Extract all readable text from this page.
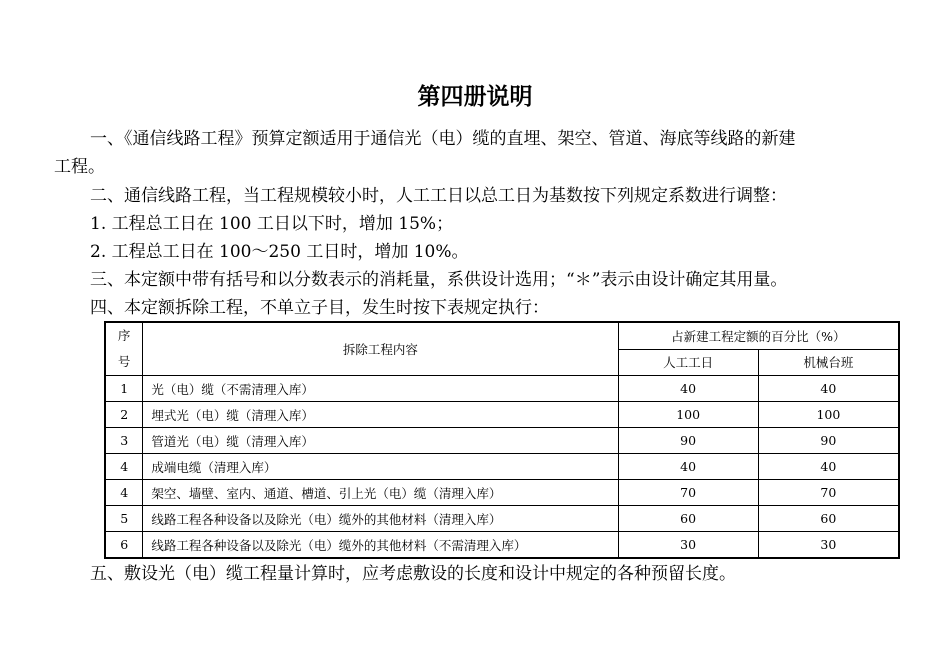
第四册说明
一、《通信线路工程》预算定额适用于通信光（电）缆的直埋、架空、管道、海底等线路的新建
工程。
二、通信线路工程，当工程规模较小时，人工工日以总工日为基数按下列规定系数进行调整：
1. 工程总工日在 100 工日以下时，增加 15%；
2. 工程总工日在 100～250 工日时，增加 10%。
三、本定额中带有括号和以分数表示的消耗量，系供设计选用；“＊”表示由设计确定其用量。
四、本定额拆除工程，不单立子目，发生时按下表规定执行：
序
号	拆除工程内容	占新建工程定额的百分比（%）	
		人工工日	机械台班
1	光（电）缆（不需清理入库）	40	40
2	埋式光（电）缆（清理入库）	100	100
3	管道光（电）缆（清理入库）	90	90
4	成端电缆（清理入库）	40	40
4	架空、墙壁、室内、通道、槽道、引上光（电）缆（清理入库）	70	70
5	线路工程各种设备以及除光（电）缆外的其他材料（清理入库）	60	60
6	线路工程各种设备以及除光（电）缆外的其他材料（不需清理入库）	30	30
五、敷设光（电）缆工程量计算时，应考虑敷设的长度和设计中规定的各种预留长度。
